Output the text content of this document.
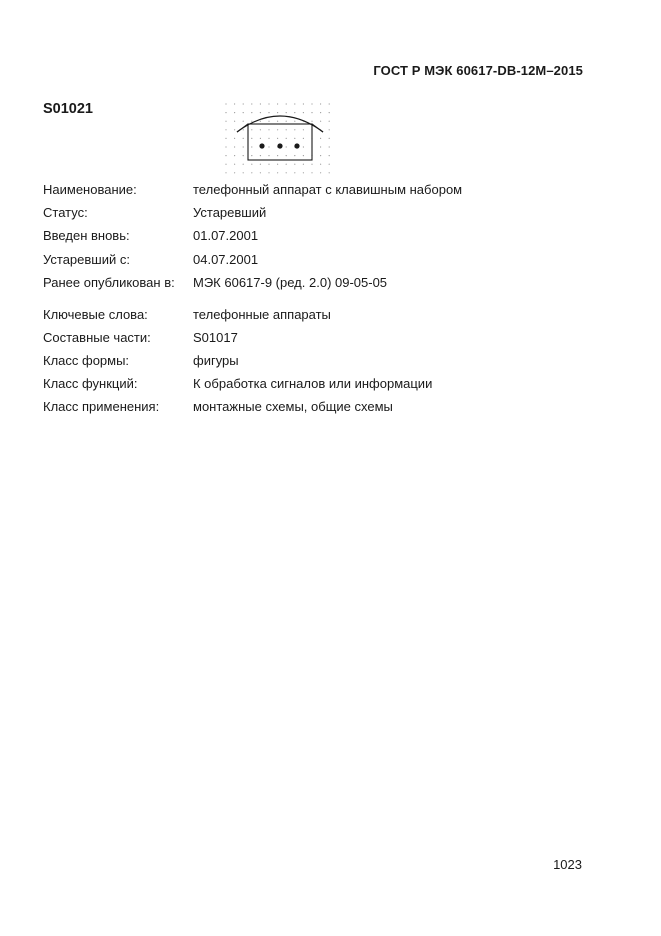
ГОСТ Р МЭК 60617-DB-12M–2015
S01021
Наименование:	телефонный аппарат с клавишным набором
Статус:	Устаревший
Введен вновь:	01.07.2001
Устаревший с:	04.07.2001
Ранее опубликован в:	МЭК 60617-9 (ред. 2.0) 09-05-05
Ключевые слова:	телефонные аппараты
Составные части:	S01017
Класс формы:	фигуры
Класс функций:	К обработка сигналов или информации
Класс применения:	монтажные схемы, общие схемы
1023
